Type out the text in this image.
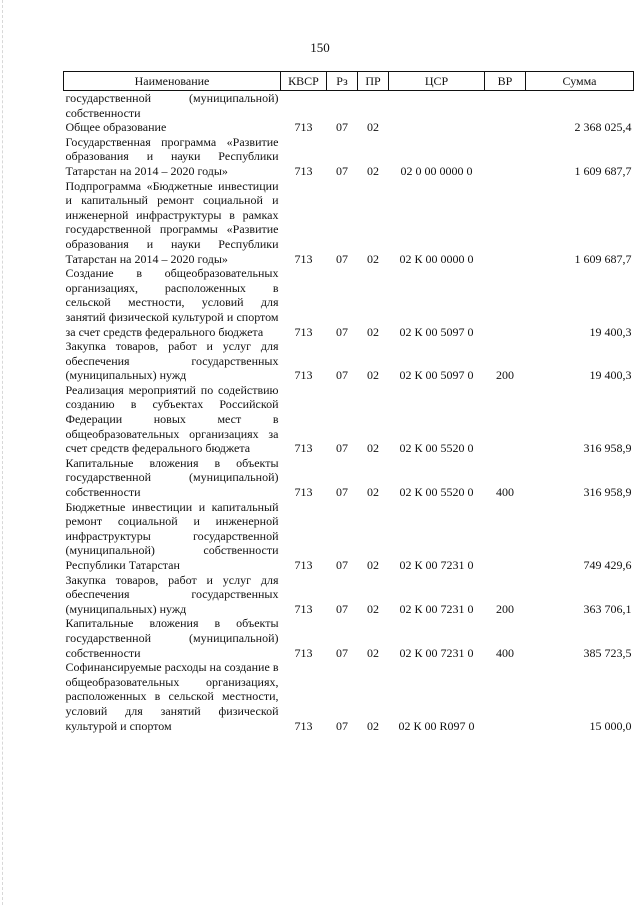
150
Наименование	КВСР	Рз	ПР	ЦСР	ВР	Сумма
государственной (муниципальной) собственности						
Общее образование	713	07	02			2 368 025,4
Государственная программа «Развитие образования и науки Республики Татарстан на 2014 – 2020 годы»	713	07	02	02 0 00 0000 0		1 609 687,7
Подпрограмма «Бюджетные инвестиции и капитальный ремонт социальной и инженерной инфраструктуры в рамках государственной программы «Развитие образования и науки Республики Татарстан на 2014 – 2020 годы»	713	07	02	02 К 00 0000 0		1 609 687,7
Создание в общеобразовательных организациях, расположенных в сельской местности, условий для занятий физической культурой и спортом за счет средств федерального бюджета	713	07	02	02 К 00 5097 0		19 400,3
Закупка товаров, работ и услуг для обеспечения государственных (муниципальных) нужд	713	07	02	02 К 00 5097 0	200	19 400,3
Реализация мероприятий по содействию созданию в субъектах Российской Федерации новых мест в общеобразовательных организациях за счет средств федерального бюджета	713	07	02	02 К 00 5520 0		316 958,9
Капитальные вложения в объекты государственной (муниципальной) собственности	713	07	02	02 К 00 5520 0	400	316 958,9
Бюджетные инвестиции и капитальный ремонт социальной и инженерной инфраструктуры государственной (муниципальной) собственности Республики Татарстан	713	07	02	02 К 00 7231 0		749 429,6
Закупка товаров, работ и услуг для обеспечения государственных (муниципальных) нужд	713	07	02	02 К 00 7231 0	200	363 706,1
Капитальные вложения в объекты государственной (муниципальной) собственности	713	07	02	02 К 00 7231 0	400	385 723,5
Софинансируемые расходы на создание в общеобразовательных организациях, расположенных в сельской местности, условий для занятий физической культурой и спортом	713	07	02	02 К 00 R097 0		15 000,0
